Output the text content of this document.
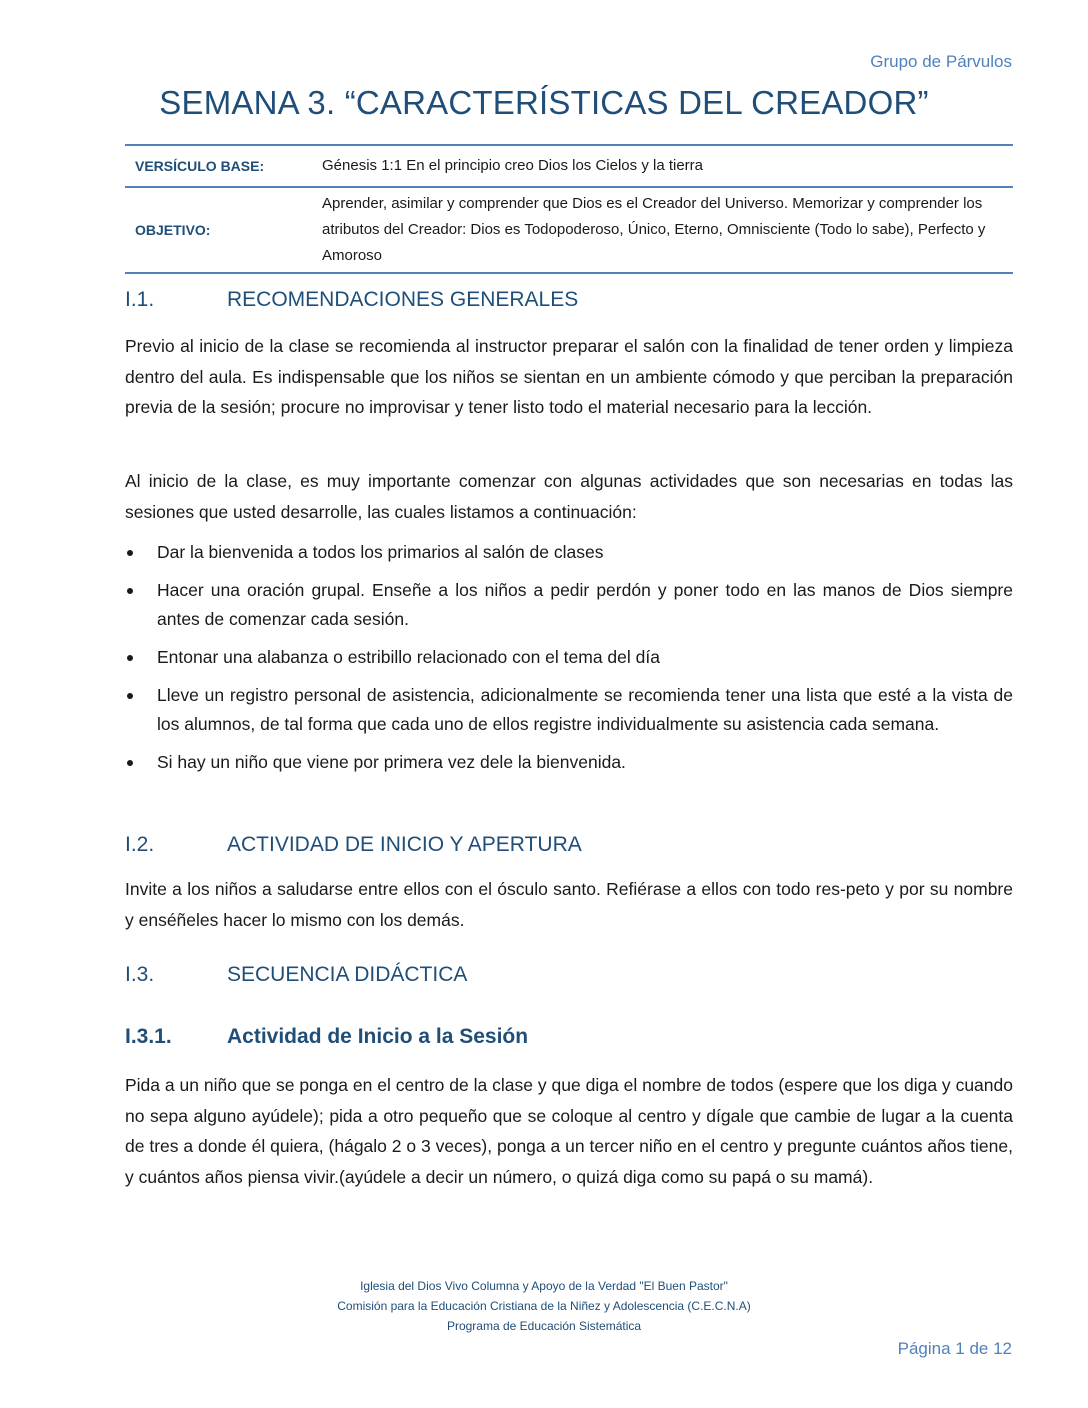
Grupo de Párvulos
SEMANA 3. “CARACTERÍSTICAS DEL CREADOR”
VERSÍCULO BASE:	Génesis 1:1 En el principio creo Dios los Cielos y la tierra
OBJETIVO:	Aprender, asimilar y comprender que Dios es el Creador del Universo. Memorizar y comprender los atributos del Creador: Dios es Todopoderoso, Único, Eterno, Omnisciente (Todo lo sabe), Perfecto y Amoroso
I.1.	RECOMENDACIONES GENERALES
Previo al inicio de la clase se recomienda al instructor preparar el salón con la finalidad de tener orden y limpieza dentro del aula. Es indispensable que los niños se sientan en un ambiente cómodo y que perciban la preparación previa de la sesión; procure no improvisar y tener listo todo el material necesario para la lección.
Al inicio de la clase, es muy importante comenzar con algunas actividades que son necesarias en todas las sesiones que usted desarrolle, las cuales listamos a continuación:
Dar la bienvenida a todos los primarios al salón de clases
Hacer una oración grupal. Enseñe a los niños a pedir perdón y poner todo en las manos de Dios siempre antes de comenzar cada sesión.
Entonar una alabanza o estribillo relacionado con el tema del día
Lleve un registro personal de asistencia, adicionalmente se recomienda tener una lista que esté a la vista de los alumnos, de tal forma que cada uno de ellos registre individualmente su asistencia cada semana.
Si hay un niño que viene por primera vez dele la bienvenida.
I.2.	ACTIVIDAD DE INICIO Y APERTURA
Invite a los niños a saludarse entre ellos con el ósculo santo. Refiérase a ellos con todo res-peto y por su nombre y enséñeles hacer lo mismo con los demás.
I.3.	SECUENCIA DIDÁCTICA
I.3.1.	Actividad de Inicio a la Sesión
Pida a un niño que se ponga en el centro de la clase y que diga el nombre de todos (espere que los diga y cuando no sepa alguno ayúdele); pida a otro pequeño que se coloque al centro y dígale que cambie de lugar a la cuenta de tres a donde él quiera, (hágalo 2 o 3 veces), ponga a un tercer niño en el centro y pregunte cuántos años tiene, y cuántos años piensa vivir.(ayúdele a decir un número, o quizá diga como su papá o su mamá).
Iglesia del Dios Vivo Columna y Apoyo de la Verdad "El Buen Pastor"
Comisión para la Educación Cristiana de la Niñez y Adolescencia (C.E.C.N.A)
Programa de Educación Sistemática
Página 1 de 12
